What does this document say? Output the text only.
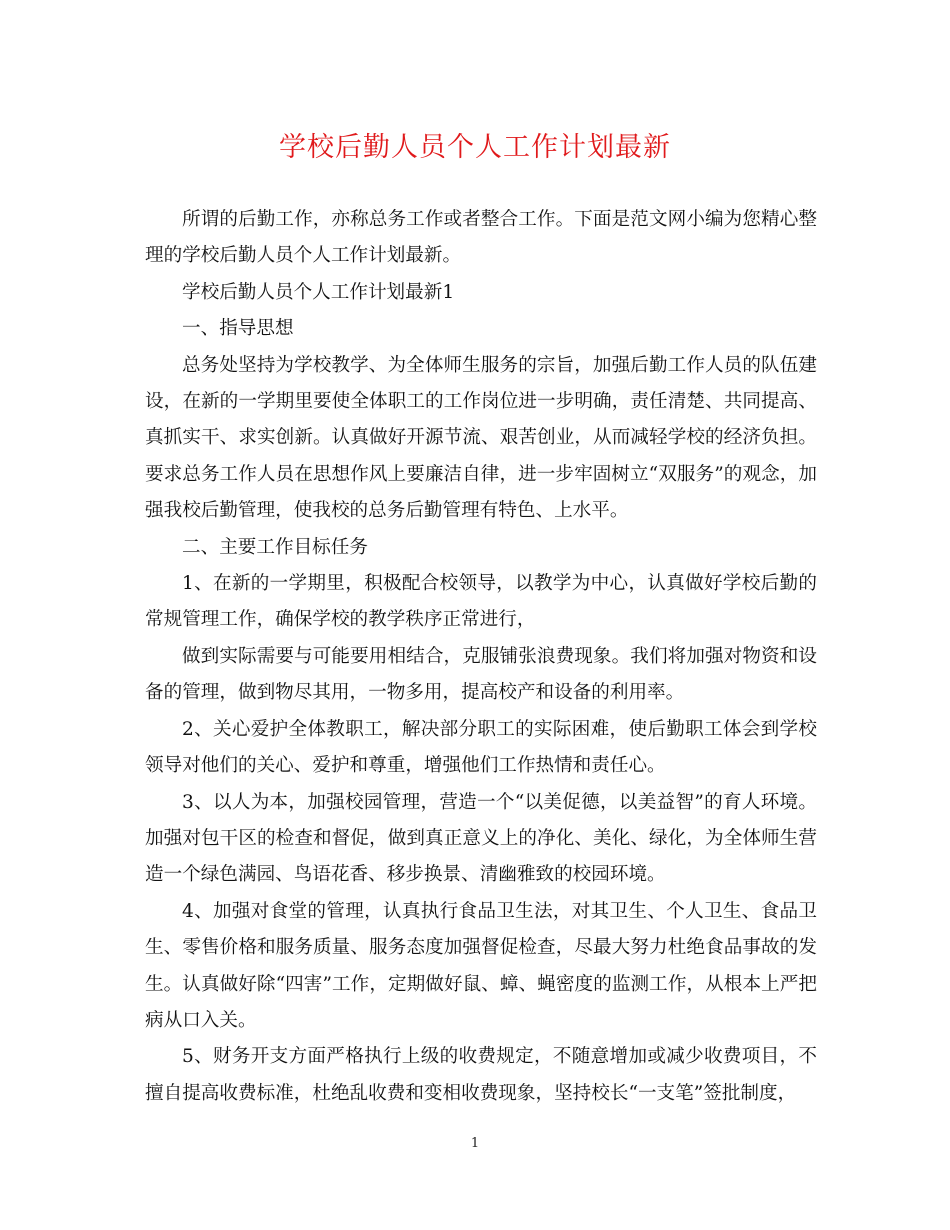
学校后勤人员个人工作计划最新

所谓的后勤工作，亦称总务工作或者整合工作。下面是范文网小编为您精心整理的学校后勤人员个人工作计划最新。

学校后勤人员个人工作计划最新1

一、指导思想

总务处坚持为学校教学、为全体师生服务的宗旨，加强后勤工作人员的队伍建设，在新的一学期里要使全体职工的工作岗位进一步明确，责任清楚、共同提高、真抓实干、求实创新。认真做好开源节流、艰苦创业，从而减轻学校的经济负担。要求总务工作人员在思想作风上要廉洁自律，进一步牢固树立“双服务”的观念，加强我校后勤管理，使我校的总务后勤管理有特色、上水平。

二、主要工作目标任务

1、在新的一学期里，积极配合校领导，以教学为中心，认真做好学校后勤的常规管理工作，确保学校的教学秩序正常进行，

做到实际需要与可能要用相结合，克服铺张浪费现象。我们将加强对物资和设备的管理，做到物尽其用，一物多用，提高校产和设备的利用率。

2、关心爱护全体教职工，解决部分职工的实际困难，使后勤职工体会到学校领导对他们的关心、爱护和尊重，增强他们工作热情和责任心。

3、以人为本，加强校园管理，营造一个“以美促德，以美益智”的育人环境。加强对包干区的检查和督促，做到真正意义上的净化、美化、绿化，为全体师生营造一个绿色满园、鸟语花香、移步换景、清幽雅致的校园环境。

4、加强对食堂的管理，认真执行食品卫生法，对其卫生、个人卫生、食品卫生、零售价格和服务质量、服务态度加强督促检查，尽最大努力杜绝食品事故的发生。认真做好除“四害”工作，定期做好鼠、蟑、蝇密度的监测工作，从根本上严把病从口入关。

5、财务开支方面严格执行上级的收费规定，不随意增加或减少收费项目，不擅自提高收费标准，杜绝乱收费和变相收费现象，坚持校长“一支笔”签批制度，

1
